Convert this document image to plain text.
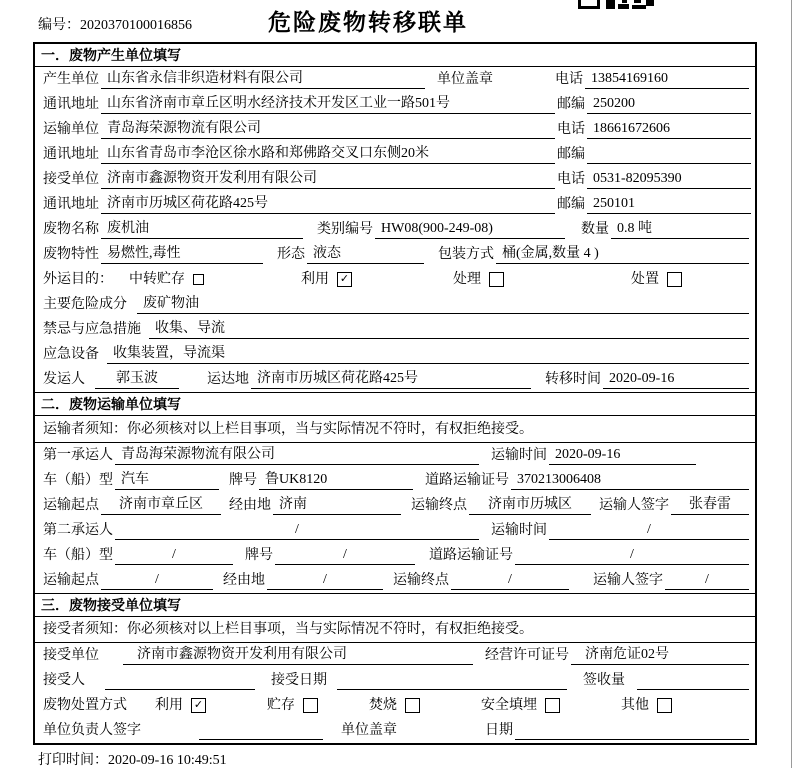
编号：2020370100016856	危险废物转移联单
一．废物产生单位填写
产生单位 山东省永信非织造材料有限公司	单位盖章	电话 13854169160
通讯地址 山东省济南市章丘区明水经济技术开发区工业一路501号	邮编 250200
运输单位 青岛海荣源物流有限公司	电话 18661672606
通讯地址 山东省青岛市李沧区徐水路和郑佛路交叉口东侧20米	邮编
接受单位 济南市鑫源物资开发利用有限公司	电话 0531-82095390
通讯地址 济南市历城区荷花路425号	邮编 250101
废物名称 废机油	类别编号 HW08(900-249-08)	数量 0.8 吨
废物特性 易燃性,毒性	形态 液态	包装方式 桶(金属,数量 4 )
外运目的： 中转贮存	利用 ✓	处理	处置
主要危险成分	废矿物油
禁忌与应急措施	收集、导流
应急设备	收集装置，导流渠
发运人	郭玉波	运达地 济南市历城区荷花路425号	转移时间 2020-09-16
二．废物运输单位填写
运输者须知：你必须核对以上栏目事项，当与实际情况不符时，有权拒绝接受。
第一承运人 青岛海荣源物流有限公司	运输时间 2020-09-16
车（船）型 汽车	牌号 鲁UK8120	道路运输证号 370213006408
运输起点	济南市章丘区	经由地 济南	运输终点	济南市历城区	运输人签字	张春雷
第二承运人	/	运输时间	/
车（船）型	/	牌号	/	道路运输证号	/
运输起点	/	经由地	/	运输终点	/	运输人签字	/
三．废物接受单位填写
接受者须知：你必须核对以上栏目事项，当与实际情况不符时，有权拒绝接受。
接受单位	济南市鑫源物资开发利用有限公司	经营许可证号	济南危证02号
接受人	接受日期	签收量
废物处置方式 利用 ✓	贮存	焚烧	安全填埋	其他
单位负责人签字	单位盖章	日期
打印时间：2020-09-16 10:49:51
